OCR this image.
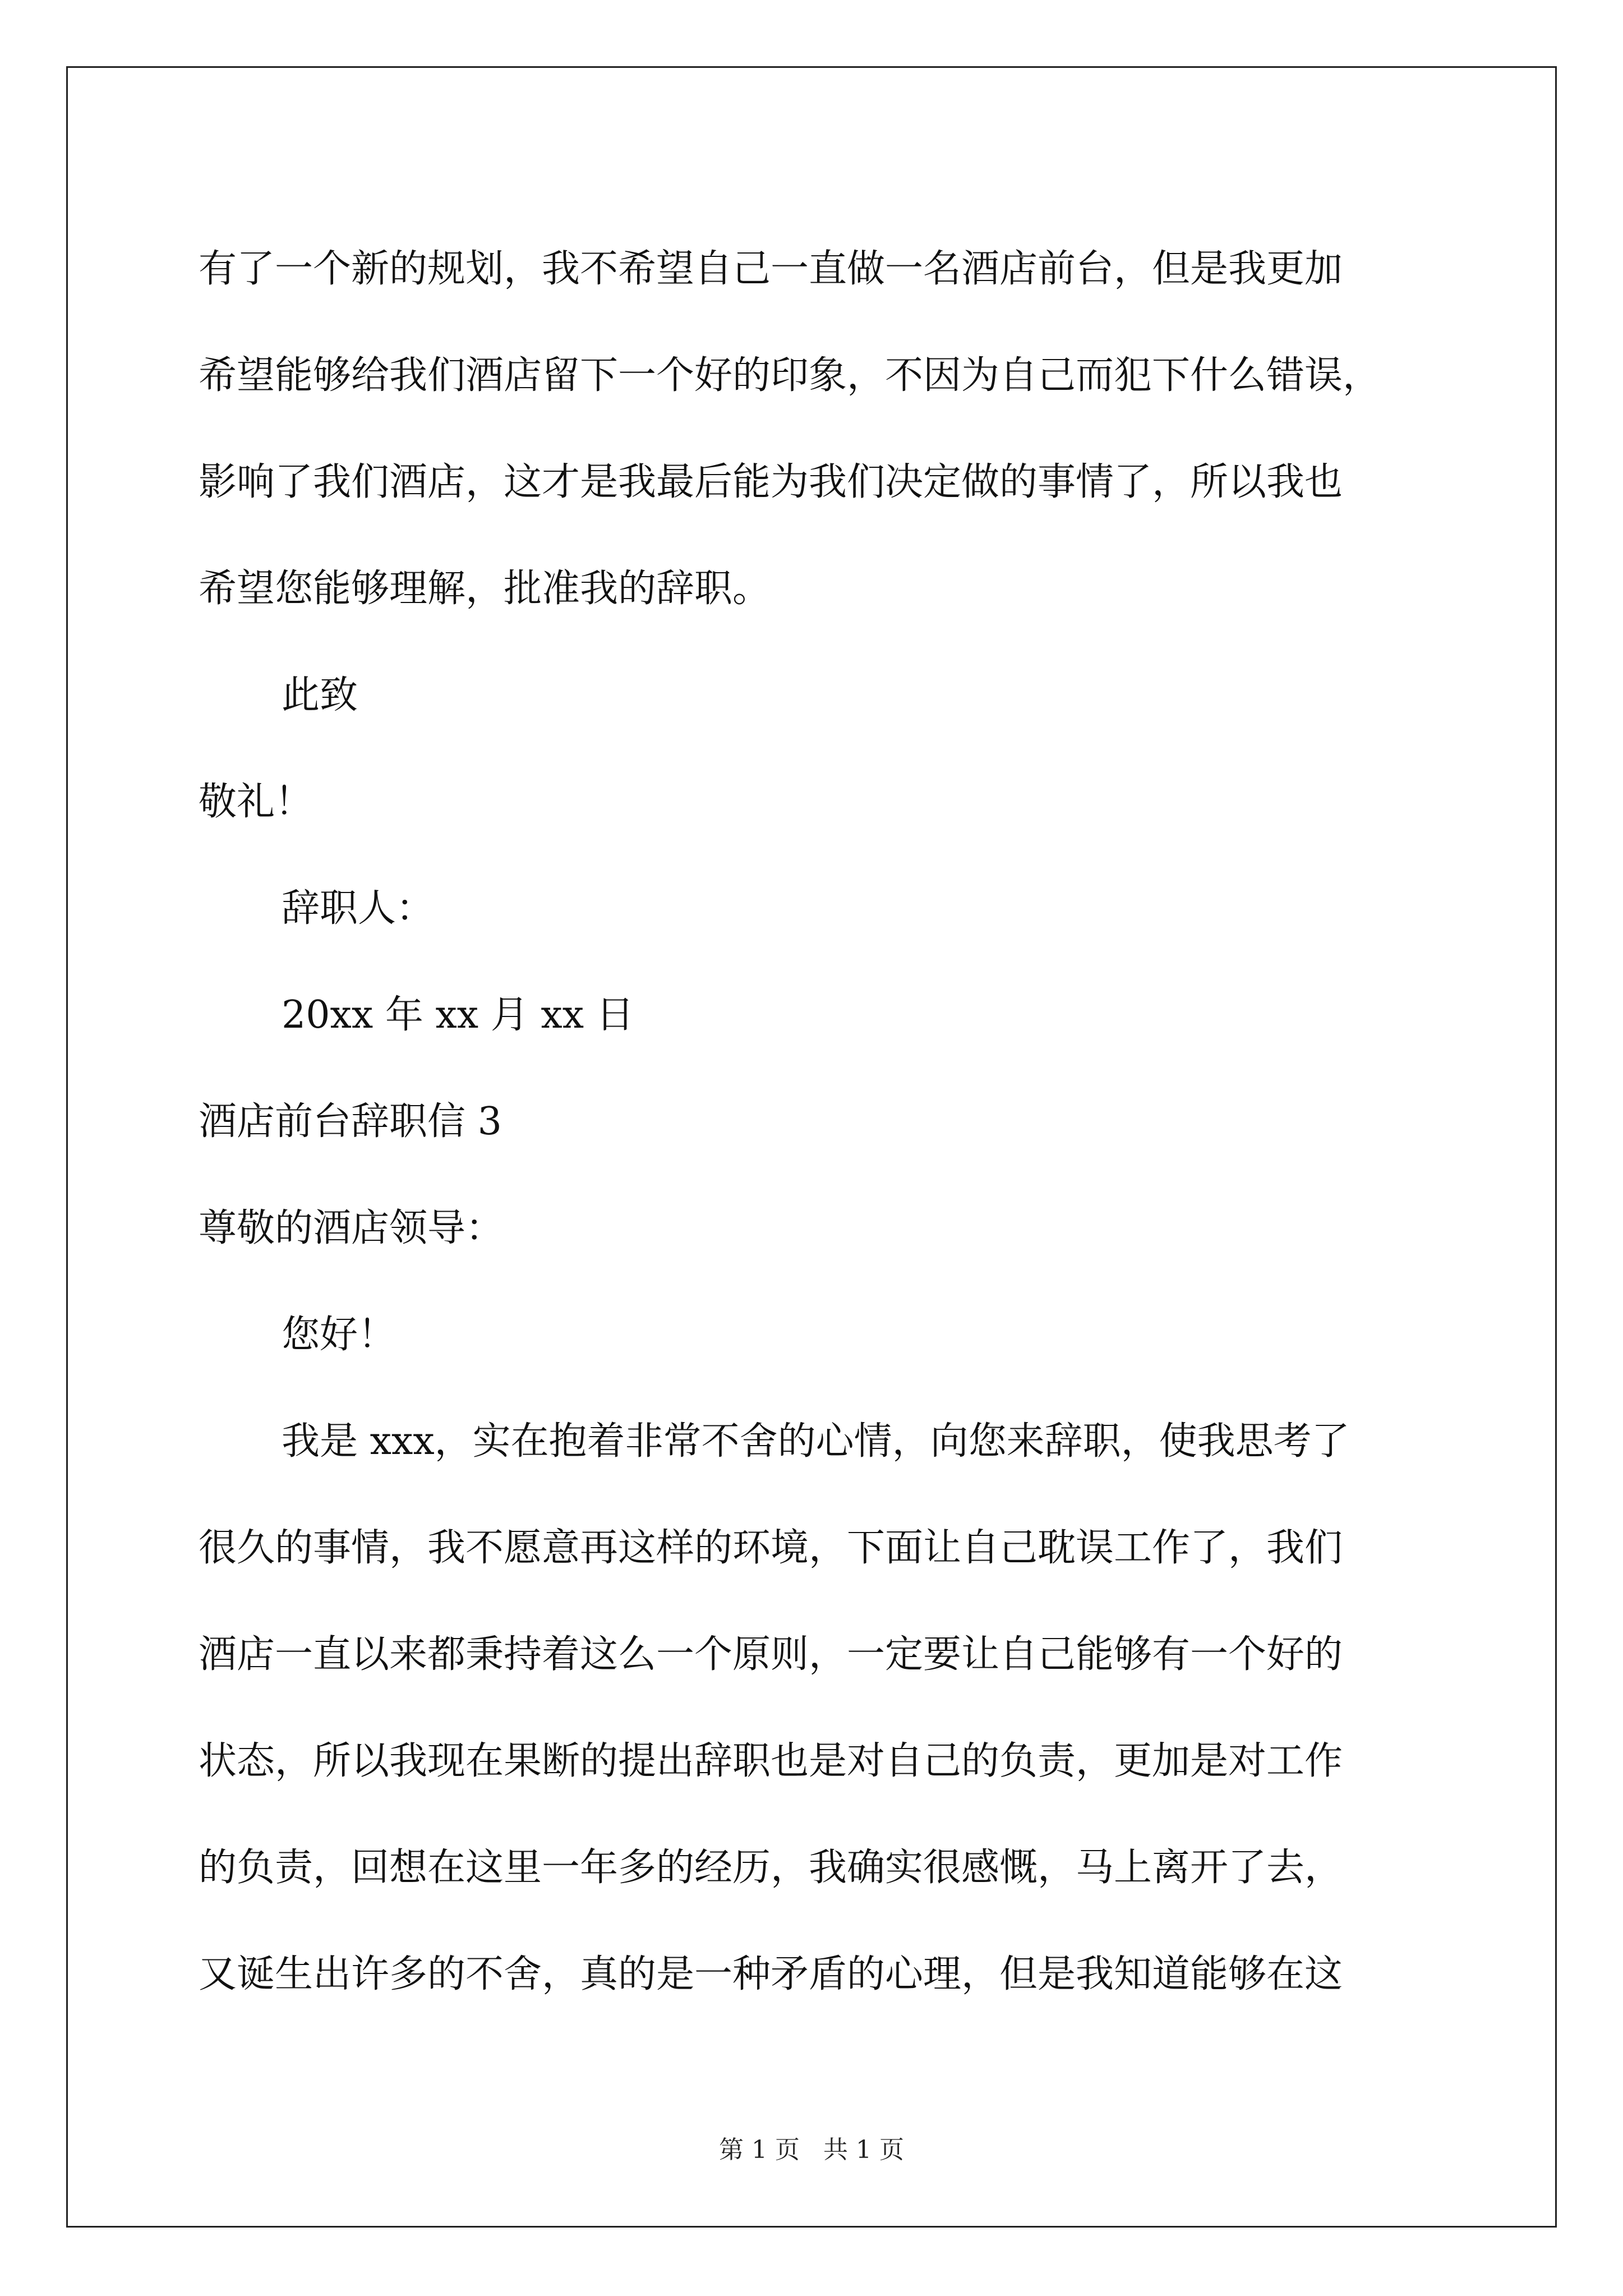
有了一个新的规划，我不希望自己一直做一名酒店前台，但是我更加
希望能够给我们酒店留下一个好的印象，不因为自己而犯下什么错误，
影响了我们酒店，这才是我最后能为我们决定做的事情了，所以我也
希望您能够理解，批准我的辞职。
此致
敬礼！
辞职人：
20xx 年 xx 月 xx 日
酒店前台辞职信 3
尊敬的酒店领导：
您好！
我是 xxx，实在抱着非常不舍的心情，向您来辞职，使我思考了
很久的事情，我不愿意再这样的环境，下面让自己耽误工作了，我们
酒店一直以来都秉持着这么一个原则，一定要让自己能够有一个好的
状态，所以我现在果断的提出辞职也是对自己的负责，更加是对工作
的负责，回想在这里一年多的经历，我确实很感慨，马上离开了去，
又诞生出许多的不舍，真的是一种矛盾的心理，但是我知道能够在这
第 1 页   共 1 页
